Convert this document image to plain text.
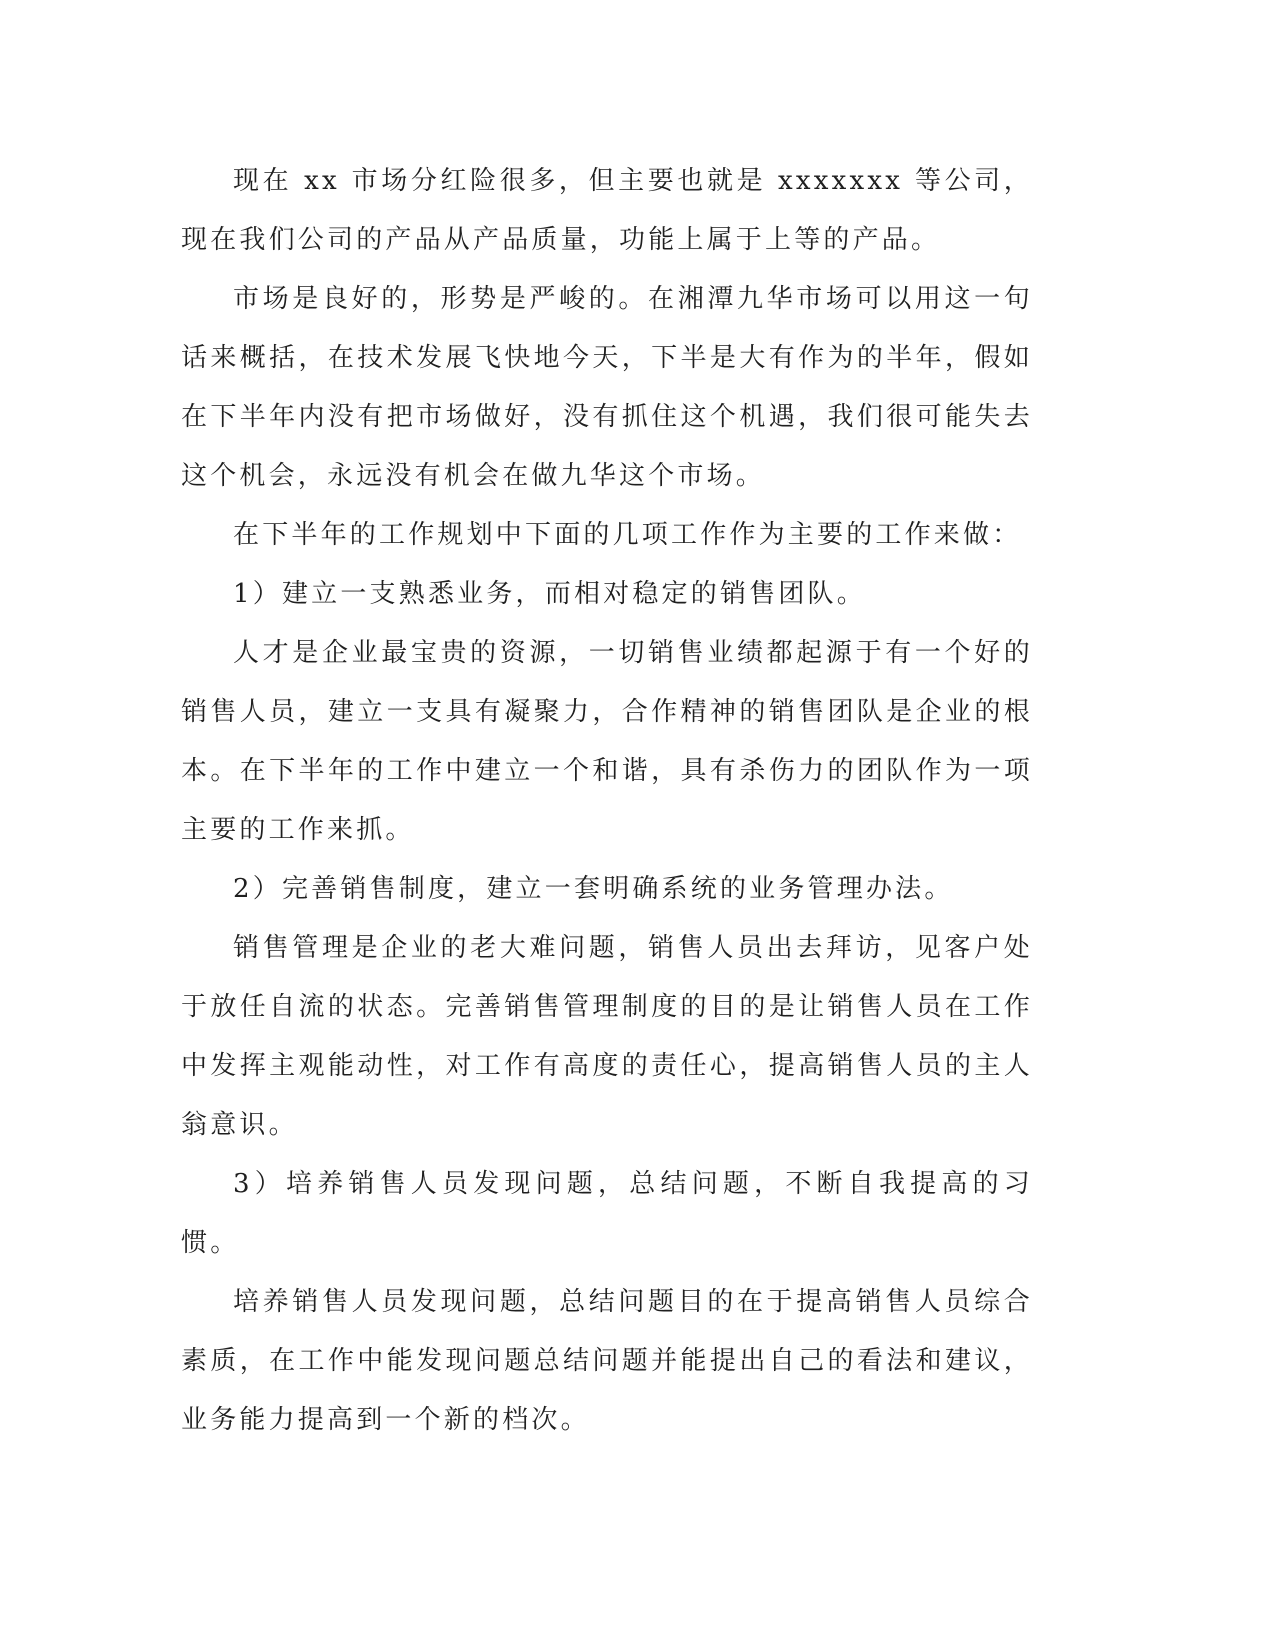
现在 xx 市场分红险很多，但主要也就是 xxxxxxx 等公司，现在我们公司的产品从产品质量，功能上属于上等的产品。

市场是良好的，形势是严峻的。在湘潭九华市场可以用这一句话来概括，在技术发展飞快地今天，下半是大有作为的半年，假如在下半年内没有把市场做好，没有抓住这个机遇，我们很可能失去这个机会，永远没有机会在做九华这个市场。

在下半年的工作规划中下面的几项工作作为主要的工作来做：

1）建立一支熟悉业务，而相对稳定的销售团队。

人才是企业最宝贵的资源，一切销售业绩都起源于有一个好的销售人员，建立一支具有凝聚力，合作精神的销售团队是企业的根本。在下半年的工作中建立一个和谐，具有杀伤力的团队作为一项主要的工作来抓。

2）完善销售制度，建立一套明确系统的业务管理办法。

销售管理是企业的老大难问题，销售人员出去拜访，见客户处于放任自流的状态。完善销售管理制度的目的是让销售人员在工作中发挥主观能动性，对工作有高度的责任心，提高销售人员的主人翁意识。

3）培养销售人员发现问题，总结问题，不断自我提高的习惯。

培养销售人员发现问题，总结问题目的在于提高销售人员综合素质，在工作中能发现问题总结问题并能提出自己的看法和建议，业务能力提高到一个新的档次。
